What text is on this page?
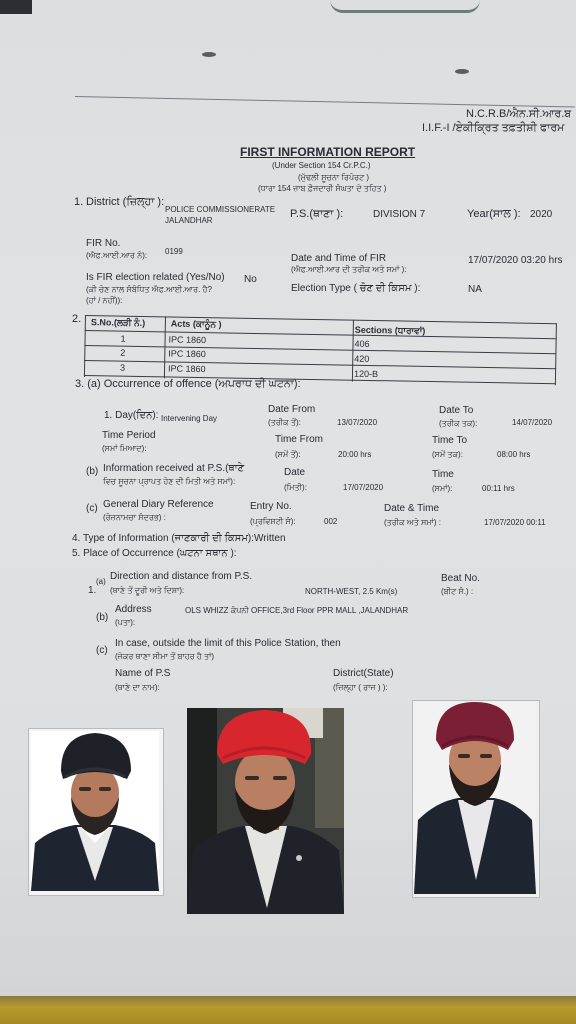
N.C.R.B/ਐਨ.ਸੀ.ਆਰ.ਬ
I.I.F.-I /ਏਕੀਕ੍ਰਿਤ ਤਫ਼ਤੀਸ਼ੀ ਫਾਰਮ
FIRST INFORMATION REPORT
(Under Section 154 Cr.P.C.)
(ਮੁੱਢਲੀ ਸੂਚਨਾ ਰਿਪੋਰਟ )
(ਧਾਰਾ 154 ਜ਼ਾਬ ਫ਼ੌਜਦਾਰੀ ਸੰਘਤਾ ਦੇ ਤਹਿਤ )
1. District (ਜ਼ਿਲ੍ਹਾ ):
POLICE COMMISSIONERATE
JALANDHAR
P.S.(ਥਾਣਾ ):	DIVISION 7	Year(ਸਾਲ ): 2020
FIR No.
(ਐਫ.ਆਈ.ਆਰ ਨੰ): 0199
Date and Time of FIR
(ਐਫ.ਆਈ.ਆਰ ਦੀ ਤਰੀਕ ਅਤੇ ਸਮਾਂ ):
17/07/2020 03:20 hrs
Is FIR election related (Yes/No)
(ਕੀ ਚੋਣ ਨਾਲ ਸੰਬੰਧਿਤ ਐਫ.ਆਈ.ਆਰ. ਹੈ?
(ਹਾਂ / ਨਹੀਂ)):
No
Election Type ( ਚੋਣ ਦੀ ਕਿਸਮ ):	NA
2. S.No.(ਲੜੀ ਨੰ.)	Acts (ਕਾਨੂੰਨ )
Sections (ਧਾਰਾਵਾਂ)
1	IPC 1860	406
2	IPC 1860	420
3	IPC 1860	120-B
3. (a) Occurrence of offence (ਅਪਰਾਧ ਦੀ ਘਟਨਾ):
Date From
(ਤਰੀਕ ਤੋਂ):	13/07/2020
Date To
(ਤਰੀਕ ਤਕ):	14/07/2020
1. Day(ਦਿਨ): Intervening Day
Time Period
(ਸਮਾਂ ਮਿਆਦ):
Time From
(ਸਮੇਂ ਤੋਂ):	20:00 hrs
Time To
(ਸਮੇਂ ਤਕ):	08:00 hrs
(b) Information received at P.S.(ਥਾਣੇ
ਵਿਚ ਸੂਚਨਾ ਪ੍ਰਾਪਤ ਹੋਣ ਦੀ ਮਿਤੀ ਅਤੇ ਸਮਾਂ):
Date
(ਮਿਤੀ):	17/07/2020
Time
(ਸਮਾਂ):	00:11 hrs
(c) General Diary Reference
(ਰੋਜ਼ਨਾਮਚਾ ਸੰਦਰਭ) :
Entry No.
(ਪ੍ਰਵਿਸ਼ਟੀ ਸੰ):	002
Date & Time
(ਤਰੀਕ ਅਤੇ ਸਮਾਂ) :	17/07/2020 00:11
4. Type of Information (ਜਾਣਕਾਰੀ ਦੀ ਕਿਸਮ):Written
5. Place of Occurrence (ਘਟਨਾ ਸਥਾਨ ):
1.
(a) Direction and distance from P.S.
(ਥਾਣੇ ਤੋਂ ਦੂਰੀ ਅਤੇ ਦਿਸ਼ਾ):	NORTH-WEST, 2.5 Km(s)
Beat No.
(ਬੀਟ ਸੰ.) :
(b)
Address
(ਪਤਾ):
OLS WHIZZ ਕੰਪਨੀ OFFICE,3rd Floor PPR MALL ,JALANDHAR
(c)
In case, outside the limit of this Police Station, then
(ਜੇਕਰ ਥਾਣਾ ਸੀਮਾ ਤੋਂ ਬਾਹਰ ਹੈ ਤਾਂ)
Name of P.S
(ਥਾਣੇ ਦਾ ਨਾਮ):
District(State)
(ਜ਼ਿਲ੍ਹਾ ( ਰਾਜ ) ):
